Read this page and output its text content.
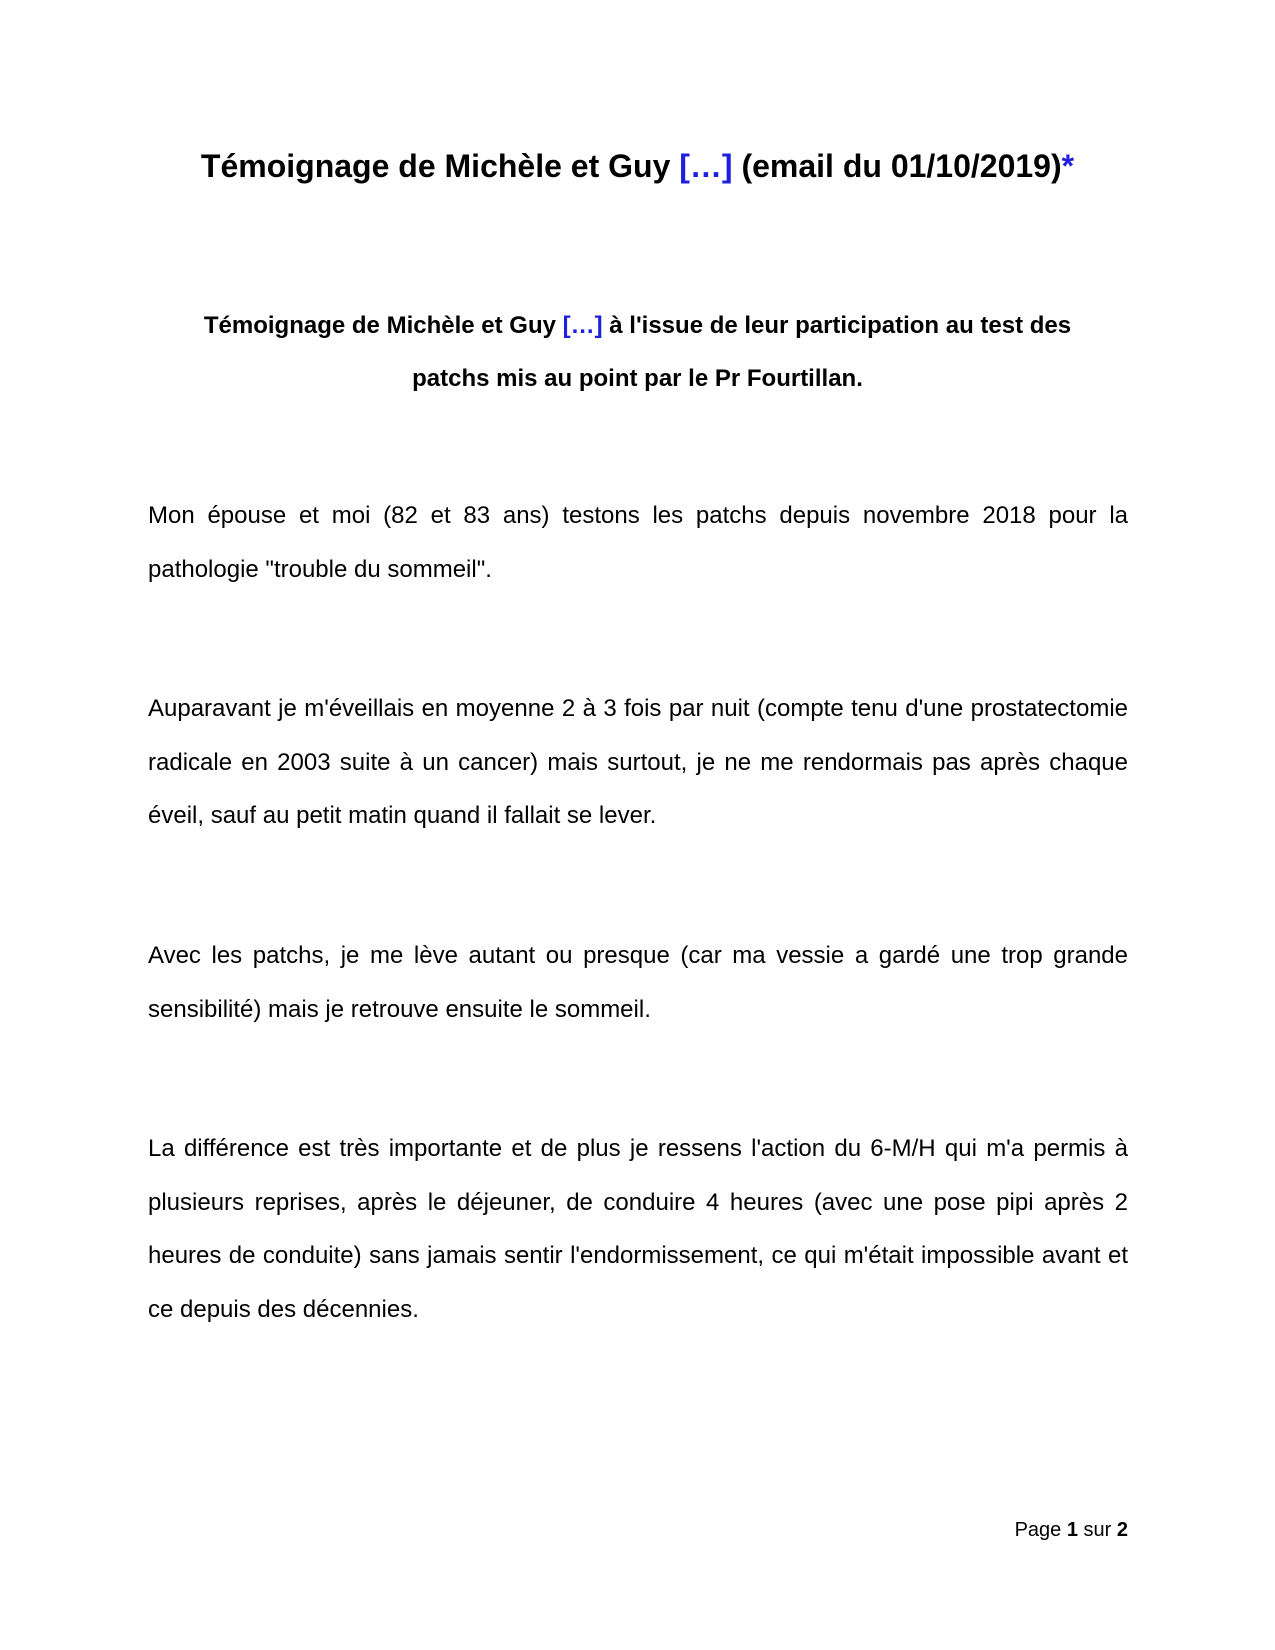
Témoignage de Michèle et Guy […] (email du 01/10/2019)*
Témoignage de Michèle et Guy […] à l'issue de leur participation au test des patchs mis au point par le Pr Fourtillan.

Mon épouse et moi (82 et 83 ans) testons les patchs depuis novembre 2018 pour la pathologie "trouble du sommeil".

Auparavant je m'éveillais en moyenne 2 à 3 fois par nuit (compte tenu d'une prostatectomie radicale en 2003 suite à un cancer) mais surtout, je ne me rendormais pas après chaque éveil, sauf au petit matin quand il fallait se lever.

Avec les patchs, je me lève autant ou presque (car ma vessie a gardé une trop grande sensibilité) mais je retrouve ensuite le sommeil.

La différence est très importante et de plus je ressens l'action du 6-M/H qui m'a permis à plusieurs reprises, après le déjeuner, de conduire 4 heures (avec une pose pipi après 2 heures de conduite) sans jamais sentir l'endormissement, ce qui m'était impossible avant et ce depuis des décennies.

Page 1 sur 2
